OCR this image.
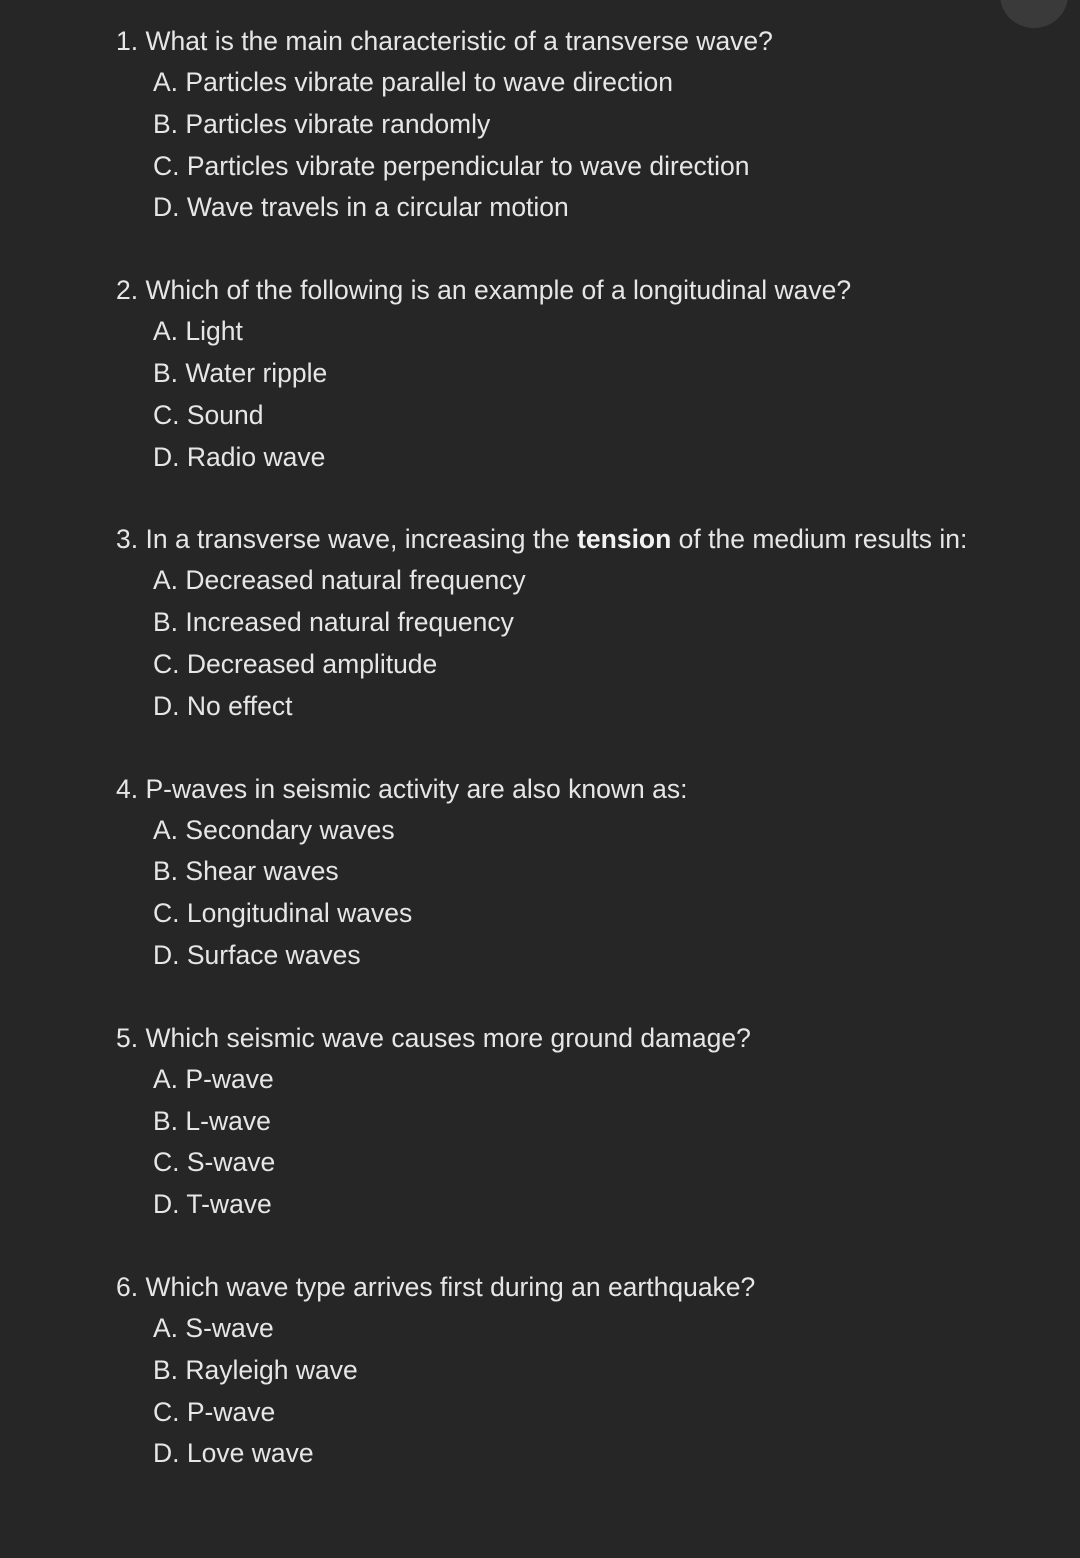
1. What is the main characteristic of a transverse wave?

A. Particles vibrate parallel to wave direction
B. Particles vibrate randomly
C. Particles vibrate perpendicular to wave direction
D. Wave travels in a circular motion

2. Which of the following is an example of a longitudinal wave?

A. Light
B. Water ripple
C. Sound
D. Radio wave

3. In a transverse wave, increasing the tension of the medium results in:

A. Decreased natural frequency
B. Increased natural frequency
C. Decreased amplitude
D. No effect

4. P-waves in seismic activity are also known as:

A. Secondary waves
B. Shear waves
C. Longitudinal waves
D. Surface waves

5. Which seismic wave causes more ground damage?

A. P-wave
B. L-wave
C. S-wave
D. T-wave

6. Which wave type arrives first during an earthquake?

A. S-wave
B. Rayleigh wave
C. P-wave
D. Love wave
